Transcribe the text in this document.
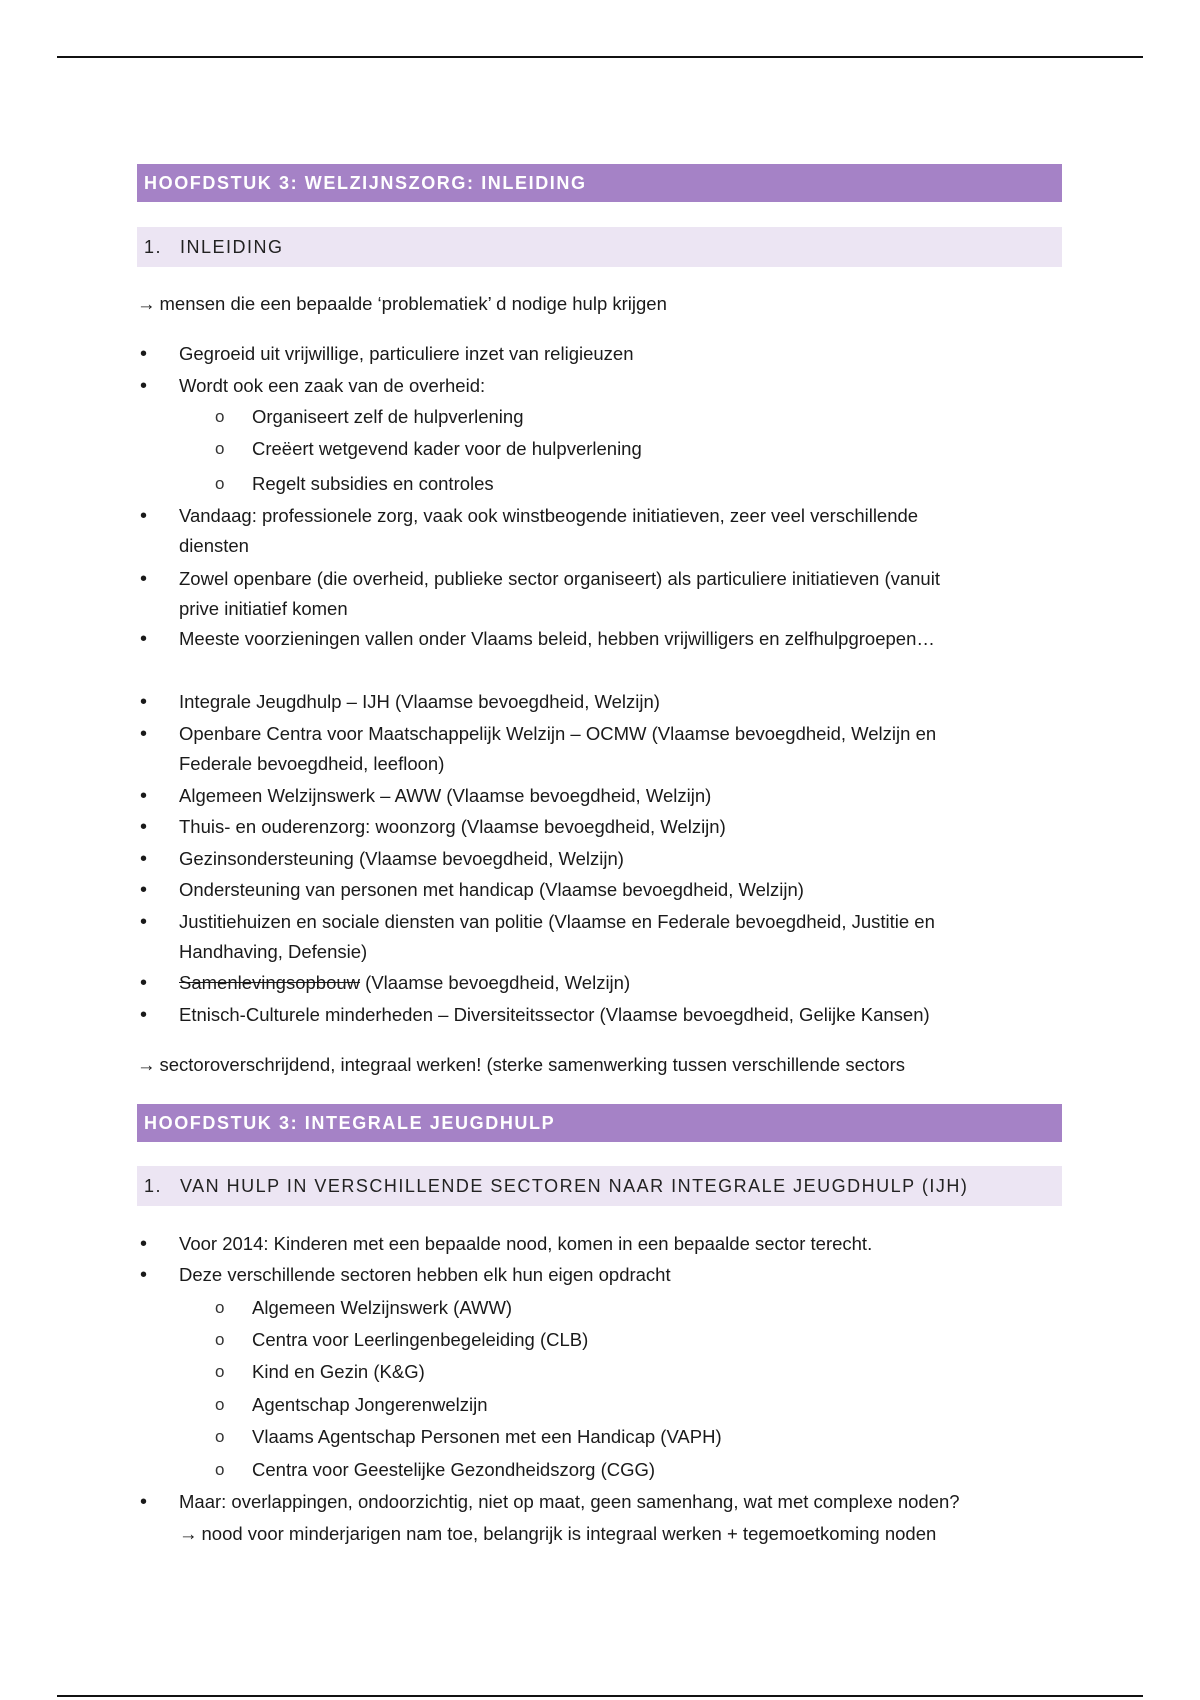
HOOFDSTUK 3: WELZIJNSZORG: INLEIDING
1. INLEIDING
→ mensen die een bepaalde ‘problematiek’ d nodige hulp krijgen
• Gegroeid uit vrijwillige, particuliere inzet van religieuzen
• Wordt ook een zaak van de overheid:
o Organiseert zelf de hulpverlening
o Creëert wetgevend kader voor de hulpverlening
o Regelt subsidies en controles
• Vandaag: professionele zorg, vaak ook winstbeogende initiatieven, zeer veel verschillende
diensten
• Zowel openbare (die overheid, publieke sector organiseert) als particuliere initiatieven (vanuit
prive initiatief komen
• Meeste voorzieningen vallen onder Vlaams beleid, hebben vrijwilligers en zelfhulpgroepen…
• Integrale Jeugdhulp – IJH (Vlaamse bevoegdheid, Welzijn)
• Openbare Centra voor Maatschappelijk Welzijn – OCMW (Vlaamse bevoegdheid, Welzijn en
Federale bevoegdheid, leefloon)
• Algemeen Welzijnswerk – AWW (Vlaamse bevoegdheid, Welzijn)
• Thuis- en ouderenzorg: woonzorg (Vlaamse bevoegdheid, Welzijn)
• Gezinsondersteuning (Vlaamse bevoegdheid, Welzijn)
• Ondersteuning van personen met handicap (Vlaamse bevoegdheid, Welzijn)
• Justitiehuizen en sociale diensten van politie (Vlaamse en Federale bevoegdheid, Justitie en
Handhaving, Defensie)
• Samenlevingsopbouw (Vlaamse bevoegdheid, Welzijn)
• Etnisch-Culturele minderheden – Diversiteitssector (Vlaamse bevoegdheid, Gelijke Kansen)
→ sectoroverschrijdend, integraal werken! (sterke samenwerking tussen verschillende sectors
HOOFDSTUK 3: INTEGRALE JEUGDHULP
1. VAN HULP IN VERSCHILLENDE SECTOREN NAAR INTEGRALE JEUGDHULP (IJH)
• Voor 2014: Kinderen met een bepaalde nood, komen in een bepaalde sector terecht.
• Deze verschillende sectoren hebben elk hun eigen opdracht
o Algemeen Welzijnswerk (AWW)
o Centra voor Leerlingenbegeleiding (CLB)
o Kind en Gezin (K&G)
o Agentschap Jongerenwelzijn
o Vlaams Agentschap Personen met een Handicap (VAPH)
o Centra voor Geestelijke Gezondheidszorg (CGG)
• Maar: overlappingen, ondoorzichtig, niet op maat, geen samenhang, wat met complexe noden?
→ nood voor minderjarigen nam toe, belangrijk is integraal werken + tegemoetkoming noden
